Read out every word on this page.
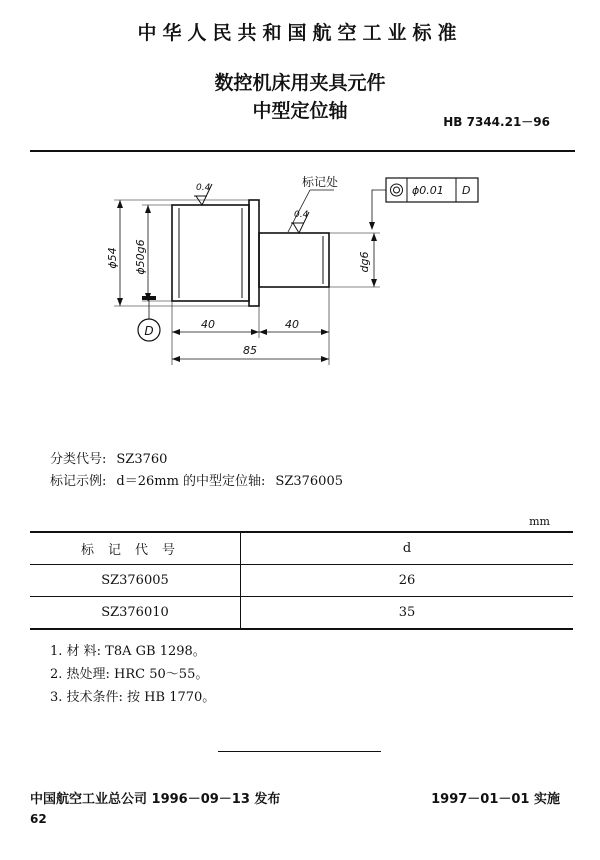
中华人民共和国航空工业标准
数控机床用夹具元件
中型定位轴	HB 7344.21－96
ϕ54 ϕ50g6	dg6
0.4
0.4
标记处
ϕ0.01 D
D	40	40
85
分类代号: SZ3760
标记示例: d＝26mm 的中型定位轴: SZ376005
mm
标记代号	d
SZ376005	26
SZ376010	35
1. 材 料: T8A GB 1298。
2. 热处理: HRC 50～55。
3. 技术条件: 按 HB 1770。
中国航空工业总公司 1996－09－13 发布	1997－01－01 实施
62
